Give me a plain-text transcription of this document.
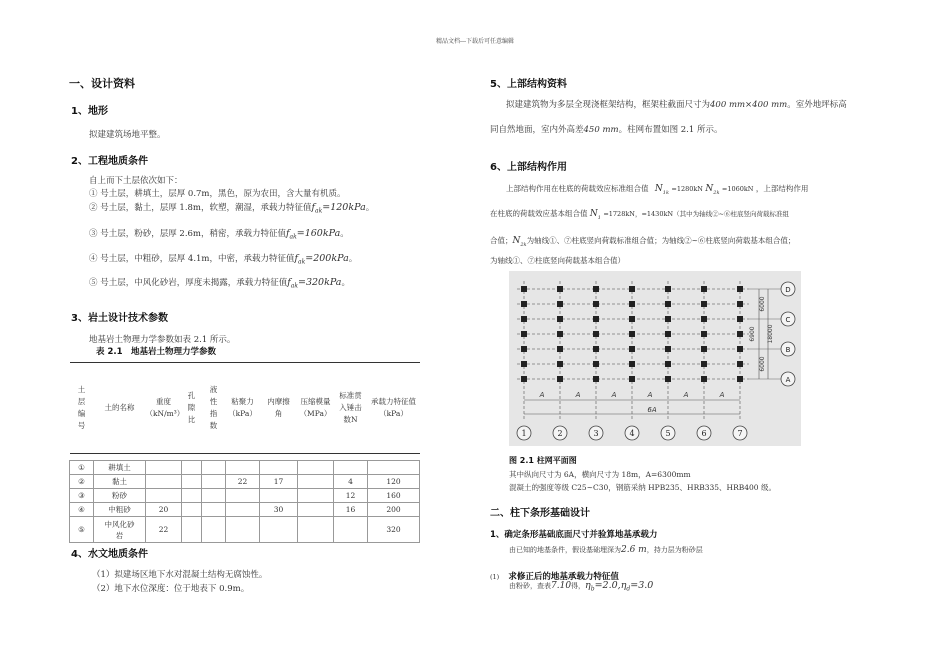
精品文档---下载后可任意编辑
一、设计资料
1、地形
拟建建筑场地平整。
2、工程地质条件
自上而下土层依次如下：
① 号土层，耕填土，层厚 0.7m，黑色，原为农田，含大量有机质。
② 号土层，黏土，层厚 1.8m，软塑，潮湿，承载力特征值$f_{ak}=120kPa$。
③ 号土层，粉砂，层厚 2.6m，稍密，承载力特征值$f_{ak}=160kPa$。
④ 号土层，中粗砂，层厚 4.1m，中密，承载力特征值$f_{ak}=200kPa$。
⑤ 号土层，中风化砂岩，厚度未揭露，承载力特征值$f_{ak}=320kPa$。
3、岩土设计技术参数
地基岩土物理力学参数如表 2.1 所示。
表 2.1　地基岩土物理力学参数
土层编号	土的名称	重度（kN/m³）	孔隙比	液性指数	粘聚力（kPa）	内摩擦角	压缩模量（MPa）	标准贯入锤击数N	承载力特征值（kPa）

①	耕填土								
②	黏土				22	17		4	120
③	粉砂							12	160
④	中粗砂	20				30		16	200
⑤	中风化砂岩	22							320
4、水文地质条件
（1）拟建场区地下水对混凝土结构无腐蚀性。
（2）地下水位深度：位于地表下 0.9m。
5、上部结构资料
拟建建筑物为多层全现浇框架结构，框架柱截面尺寸为400 mm×400 mm。室外地坪标高
同自然地面，室内外高差450 mm。柱网布置如图 2.1 所示。
6、上部结构作用
上部结构作用在柱底的荷载效应标准组合值 $N_{1k} =1280kN$ $N_{2k} =1060kN$ ，上部结构作用
在柱底的荷载效应基本组合值 $N_1 =1728kN$，=1430kN（其中为轴线②~⑥柱底竖向荷载标准组
合值；$N_{2k}$为轴线①、⑦柱底竖向荷载标准组合值；为轴线②~⑥柱底竖向荷载基本组合值；
为轴线①、⑦柱底竖向荷载基本组合值）
1	2	3	4	5	6	7
D
C
B
A
A	A	A	A	A	A
6A
6000
6900
6000
18000
图 2.1 柱网平面图
其中纵向尺寸为 6A，横向尺寸为 18m，A=6300mm
混凝土的强度等级 C25~C30，钢筋采纳 HPB235、HRB335、HRB400 级。
二、柱下条形基础设计
1、确定条形基础底面尺寸并验算地基承载力
由已知的地基条件，假设基础埋深为2.6 m，持力层为粉砂层
(1) 求修正后的地基承载力特征值
由粉砂，查表7.10得，$\eta_b=2.0,\eta_d=3.0$
